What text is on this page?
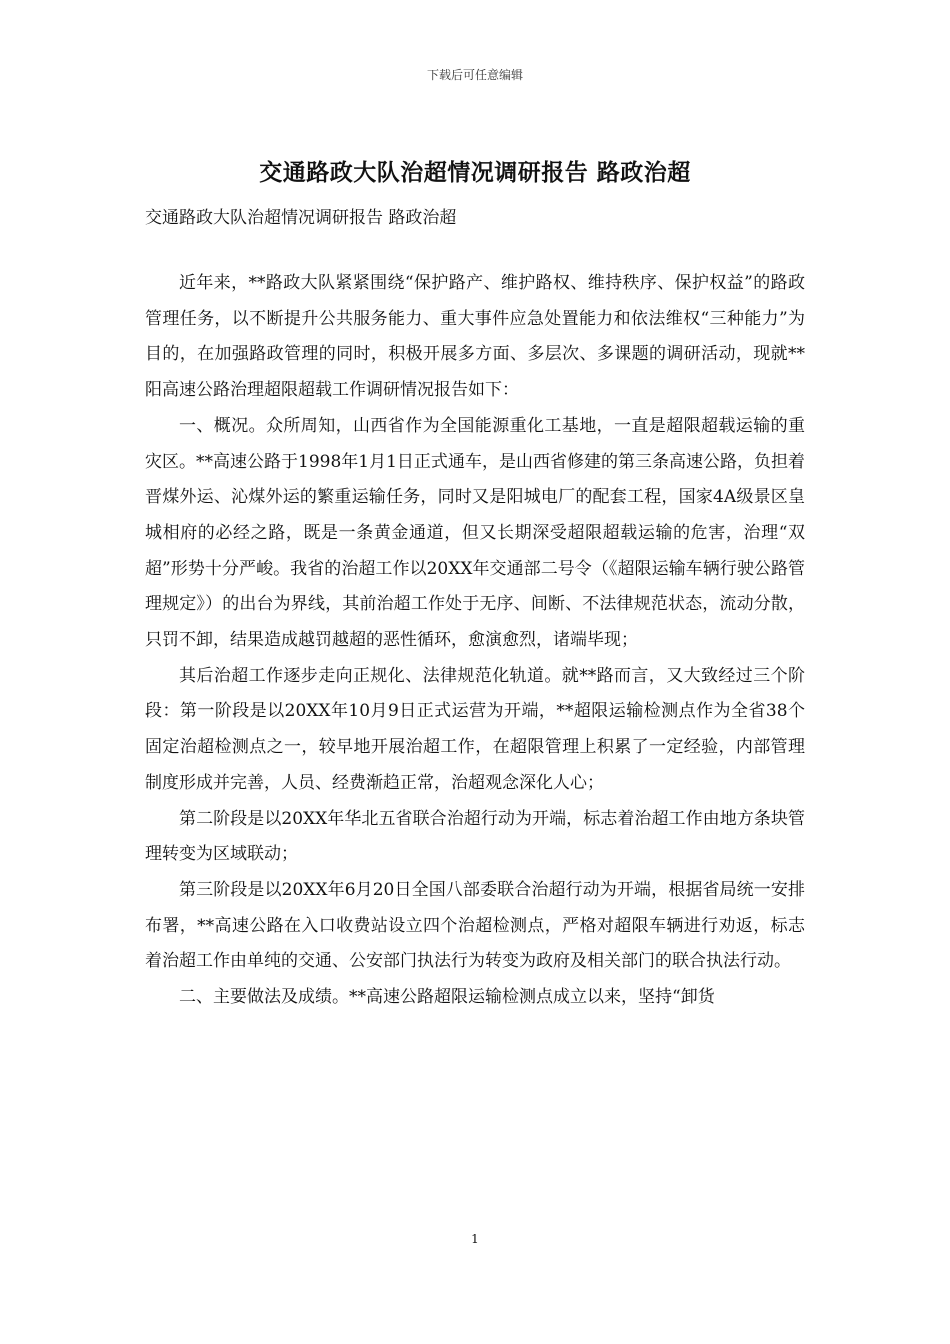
下载后可任意编辑
交通路政大队治超情况调研报告 路政治超
交通路政大队治超情况调研报告 路政治超

近年来，**路政大队紧紧围绕“保护路产、维护路权、维持秩序、保护权益”的路政管理任务，以不断提升公共服务能力、重大事件应急处置能力和依法维权“三种能力”为目的，在加强路政管理的同时，积极开展多方面、多层次、多课题的调研活动，现就**阳高速公路治理超限超载工作调研情况报告如下：

一、概况。众所周知，山西省作为全国能源重化工基地，一直是超限超载运输的重灾区。**高速公路于1998年1月1日正式通车，是山西省修建的第三条高速公路，负担着晋煤外运、沁煤外运的繁重运输任务，同时又是阳城电厂的配套工程，国家4A级景区皇城相府的必经之路，既是一条黄金通道，但又长期深受超限超载运输的危害，治理“双超”形势十分严峻。我省的治超工作以20XX年交通部二号令（《超限运输车辆行驶公路管理规定》）的出台为界线，其前治超工作处于无序、间断、不法律规范状态，流动分散，只罚不卸，结果造成越罚越超的恶性循环，愈演愈烈，诸端毕现；

其后治超工作逐步走向正规化、法律规范化轨道。就**路而言，又大致经过三个阶段：第一阶段是以20XX年10月9日正式运营为开端，**超限运输检测点作为全省38个固定治超检测点之一，较早地开展治超工作，在超限管理上积累了一定经验，内部管理制度形成并完善，人员、经费渐趋正常，治超观念深化人心；

第二阶段是以20XX年华北五省联合治超行动为开端，标志着治超工作由地方条块管理转变为区域联动；

第三阶段是以20XX年6月20日全国八部委联合治超行动为开端，根据省局统一安排布署，**高速公路在入口收费站设立四个治超检测点，严格对超限车辆进行劝返，标志着治超工作由单纯的交通、公安部门执法行为转变为政府及相关部门的联合执法行动。

二、主要做法及成绩。**高速公路超限运输检测点成立以来，坚持“卸货

1
